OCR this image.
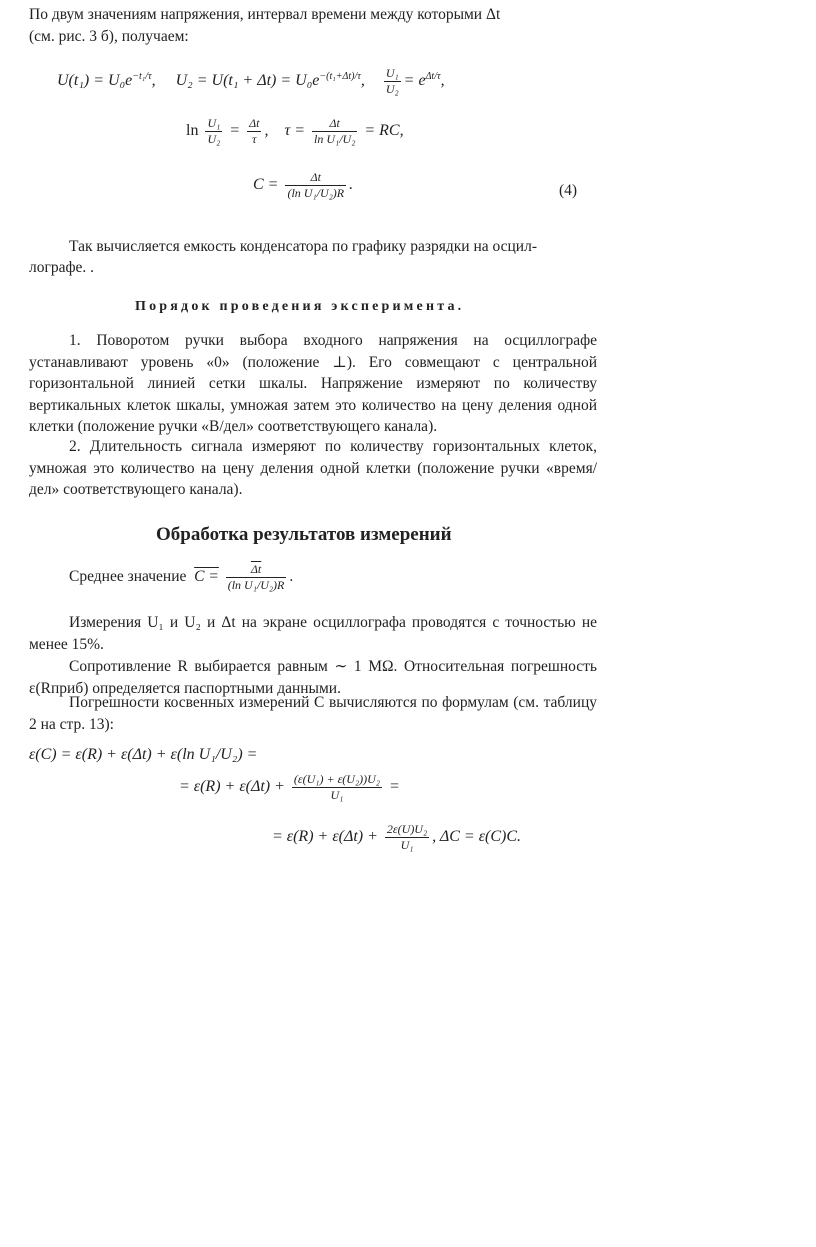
По двум значениям напряжения, интервал времени между которыми Δt
(см. рис. 3 б), получаем:
$U(t_1) = U_0e^{-t_1/\tau}$,     $U_2 = U(t_1 + \Delta t) = U_0e^{-(t_1+\Delta t)/\tau}$, $\frac{\text{U₁}}{\text{U₂}} = e^{\Delta t/\tau}$,
$\ln \frac{\text{U₁}}{\text{U₂}} = \frac{\Delta t}{\tau}$ ,    $\tau = \frac{\Delta t}{\text{ln U₁/U₂}}$ = RC,
$C = \frac{\Delta t}{\text{(ln U₁/U₂)R}}$ .	(4)
Так вычисляется емкость конденсатора по графику разрядки на осцил-
лографе. .
Порядок проведения эксперимента.
1. Поворотом ручки выбора входного напряжения на осциллографе устанавливают уровень «0» (положение ⊥). Его совмещают с центральной горизонтальной линией сетки шкалы. Напряжение измеряют по количеству вертикальных клеток шкалы, умножая затем это количество на цену деления одной клетки (положение ручки «В/дел» соответствующего канала).
2. Длительность сигнала измеряют по количеству горизонтальных клеток, умножая это количество на цену деления одной клетки (положение ручки «время/дел» соответствующего канала).
Обработка результатов измерений
Среднее значение $C = \frac{\overline{\Delta t}}{\text{(ln U₁/U₂)R}}$ .
Измерения U₁ и U₂ и Δt на экране осциллографа проводятся с точностью не менее 15%.
Сопротивление R выбирается равным ∼ 1 MΩ. Относительная погрешность ε(Rприб) определяется паспортными данными.
Погрешности косвенных измерений C вычисляются по формулам (см. таблицу 2 на стр. 13):
ε(C) = ε(R) + ε(Δt) + ε(ln U₁/U₂) =
= $\varepsilon(R) + \varepsilon(\Delta t) + \frac{\text{(ε(U₁) + ε(U₂))U₂}}{\text{U₁}}$ =
= $\varepsilon(R) + \varepsilon(\Delta t) + \frac{\text{2ε(U)U₂}}{\text{U₁}}$ , ΔC = ε(C)C.
